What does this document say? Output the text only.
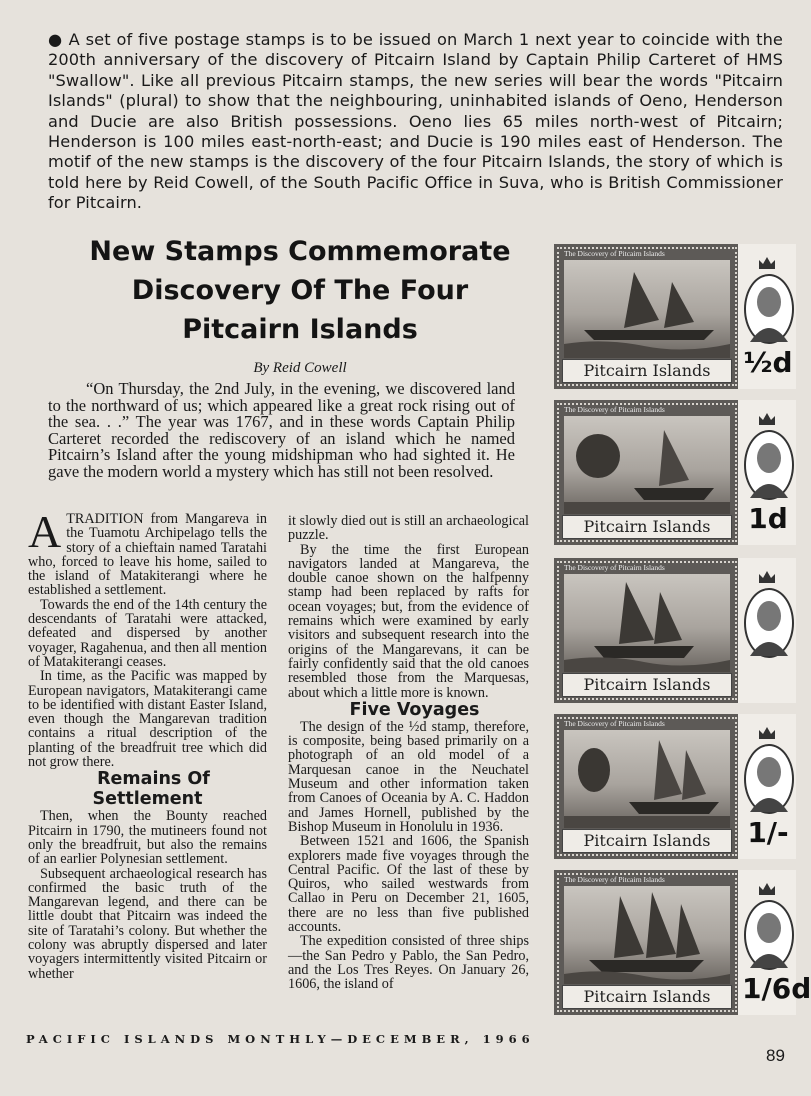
● A set of five postage stamps is to be issued on March 1 next year to coincide with the 200th anniversary of the discovery of Pitcairn Island by Captain Philip Carteret of HMS "Swallow". Like all previous Pitcairn stamps, the new series will bear the words "Pitcairn Islands" (plural) to show that the neighbouring, uninhabited islands of Oeno, Henderson and Ducie are also British possessions. Oeno lies 65 miles north-west of Pitcairn; Henderson is 100 miles east-north-east; and Ducie is 190 miles east of Henderson. The motif of the new stamps is the discovery of the four Pitcairn Islands, the story of which is told here by Reid Cowell, of the South Pacific Office in Suva, who is British Commissioner for Pitcairn.
New Stamps Commemorate
Discovery Of The Four
Pitcairn Islands
By Reid Cowell
“On Thursday, the 2nd July, in the evening, we discovered land to the northward of us; which appeared like a great rock rising out of the sea. . .” The year was 1767, and in these words Captain Philip Carteret recorded the rediscovery of an island which he named Pitcairn’s Island after the young midshipman who had sighted it. He gave the modern world a mystery which has still not been resolved.

ATRADITION from Mangareva in the Tuamotu Archipelago tells the story of a chieftain named Taratahi who, forced to leave his home, sailed to the island of Matakiterangi where he established a settlement.

Towards the end of the 14th century the descendants of Taratahi were attacked, defeated and dispersed by another voyager, Ragahenua, and then all mention of Matakiterangi ceases.

In time, as the Pacific was mapped by European navigators, Matakiterangi came to be identified with distant Easter Island, even though the Mangarevan tradition contains a ritual description of the planting of the breadfruit tree which did not grow there.

Remains Of Settlement

Then, when the Bounty reached Pitcairn in 1790, the mutineers found not only the breadfruit, but also the remains of an earlier Polynesian settlement.

Subsequent archaeological research has confirmed the basic truth of the Mangarevan legend, and there can be little doubt that Pitcairn was indeed the site of Taratahi’s colony. But whether the colony was abruptly dispersed and later voyagers intermittently visited Pitcairn or whether

it slowly died out is still an archaeological puzzle.

By the time the first European navigators landed at Mangareva, the double canoe shown on the halfpenny stamp had been replaced by rafts for ocean voyages; but, from the evidence of remains which were examined by early visitors and subsequent research into the origins of the Mangarevans, it can be fairly confidently said that the old canoes resembled those from the Marquesas, about which a little more is known.

Five Voyages

The design of the ½d stamp, therefore, is composite, being based primarily on a photograph of an old model of a Marquesan canoe in the Neuchatel Museum and other information taken from Canoes of Oceania by A. C. Haddon and James Hornell, published by the Bishop Museum in Honolulu in 1936.

Between 1521 and 1606, the Spanish explorers made five voyages through the Central Pacific. Of the last of these by Quiros, who sailed westwards from Callao in Peru on December 21, 1605, there are no less than five published accounts.

The expedition consisted of three ships—the San Pedro y Pablo, the San Pedro, and the Los Tres Reyes. On January 26, 1606, the island of

The Discovery of Pitcairn Islands
Pitcairn Islands	½d
The Discovery of Pitcairn Islands
Pitcairn Islands	1d
The Discovery of Pitcairn Islands
Pitcairn Islands
The Discovery of Pitcairn Islands
Pitcairn Islands	1/-
The Discovery of Pitcairn Islands
Pitcairn Islands	1/6d
PACIFIC ISLANDS MONTHLY—DECEMBER, 1966
89
